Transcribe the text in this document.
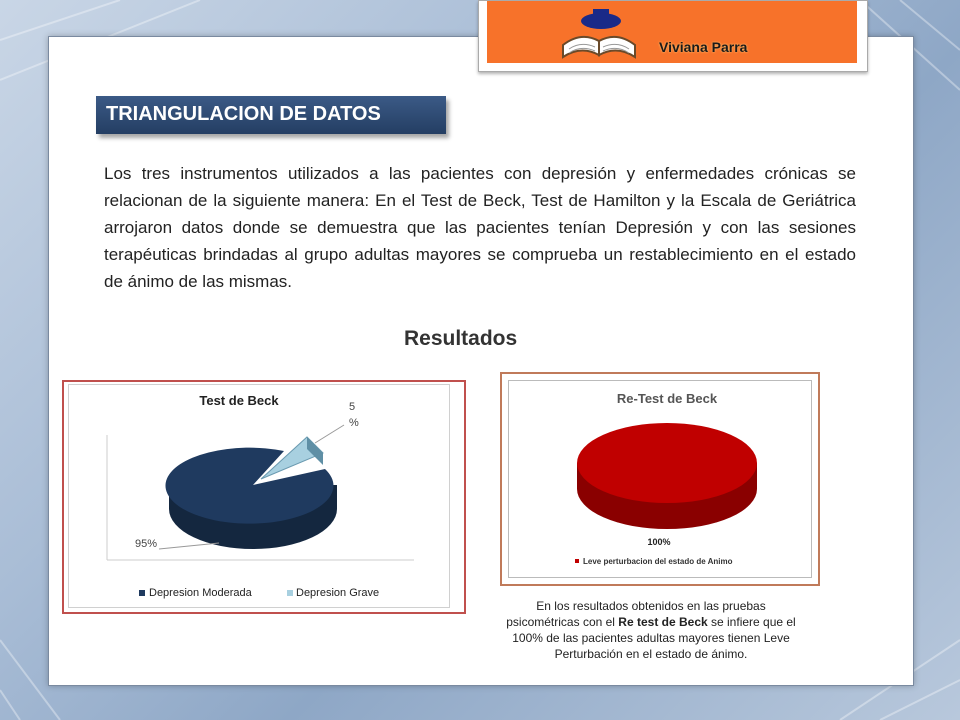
Viviana Parra
TRIANGULACION DE DATOS
Los tres instrumentos utilizados a las pacientes con depresión y enfermedades crónicas se relacionan de la siguiente manera: En el Test de Beck, Test de Hamilton y la Escala de Geriátrica arrojaron datos donde se demuestra que las pacientes tenían Depresión y con las sesiones terapéuticas brindadas al grupo adultas mayores se comprueba un restablecimiento en el estado de ánimo de las mismas.
Resultados
Test de Beck	5
%
95%
Depresion Moderada	Depresion Grave
Re-Test de Beck
100%
Leve perturbacion del estado de Animo
En los resultados obtenidos en las pruebas psicométricas con el Re test de Beck se infiere que el 100% de las pacientes adultas mayores tienen Leve Perturbación en el estado de ánimo.
